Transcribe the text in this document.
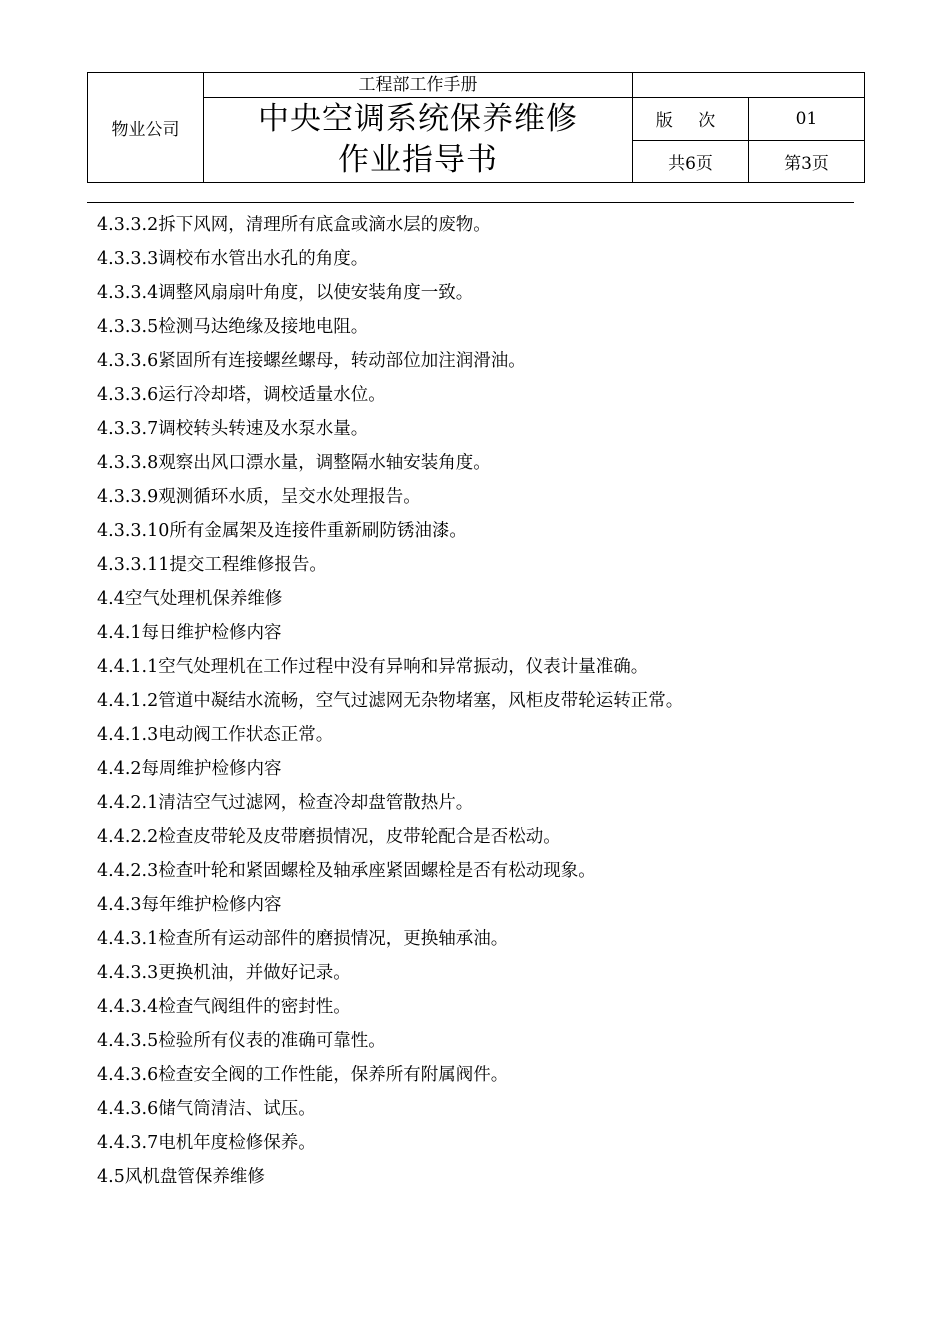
物业公司	工程部工作手册		

	中央空调系统保养维修
作业指导书	版 次	01
		共6页	第3页
4.3.3.2拆下风网，清理所有底盒或滴水层的废物。
4.3.3.3调校布水管出水孔的角度。
4.3.3.4调整风扇扇叶角度，以使安装角度一致。
4.3.3.5检测马达绝缘及接地电阻。
4.3.3.6紧固所有连接螺丝螺母，转动部位加注润滑油。
4.3.3.6运行冷却塔，调校适量水位。
4.3.3.7调校转头转速及水泵水量。
4.3.3.8观察出风口漂水量，调整隔水轴安装角度。
4.3.3.9观测循环水质，呈交水处理报告。
4.3.3.10所有金属架及连接件重新刷防锈油漆。
4.3.3.11提交工程维修报告。
4.4空气处理机保养维修
4.4.1每日维护检修内容
4.4.1.1空气处理机在工作过程中没有异响和异常振动，仪表计量准确。
4.4.1.2管道中凝结水流畅，空气过滤网无杂物堵塞，风柜皮带轮运转正常。
4.4.1.3电动阀工作状态正常。
4.4.2每周维护检修内容
4.4.2.1清洁空气过滤网，检查冷却盘管散热片。
4.4.2.2检查皮带轮及皮带磨损情况，皮带轮配合是否松动。
4.4.2.3检查叶轮和紧固螺栓及轴承座紧固螺栓是否有松动现象。
4.4.3每年维护检修内容
4.4.3.1检查所有运动部件的磨损情况，更换轴承油。
4.4.3.3更换机油，并做好记录。
4.4.3.4检查气阀组件的密封性。
4.4.3.5检验所有仪表的准确可靠性。
4.4.3.6检查安全阀的工作性能，保养所有附属阀件。
4.4.3.6储气筒清洁、试压。
4.4.3.7电机年度检修保养。
4.5风机盘管保养维修
